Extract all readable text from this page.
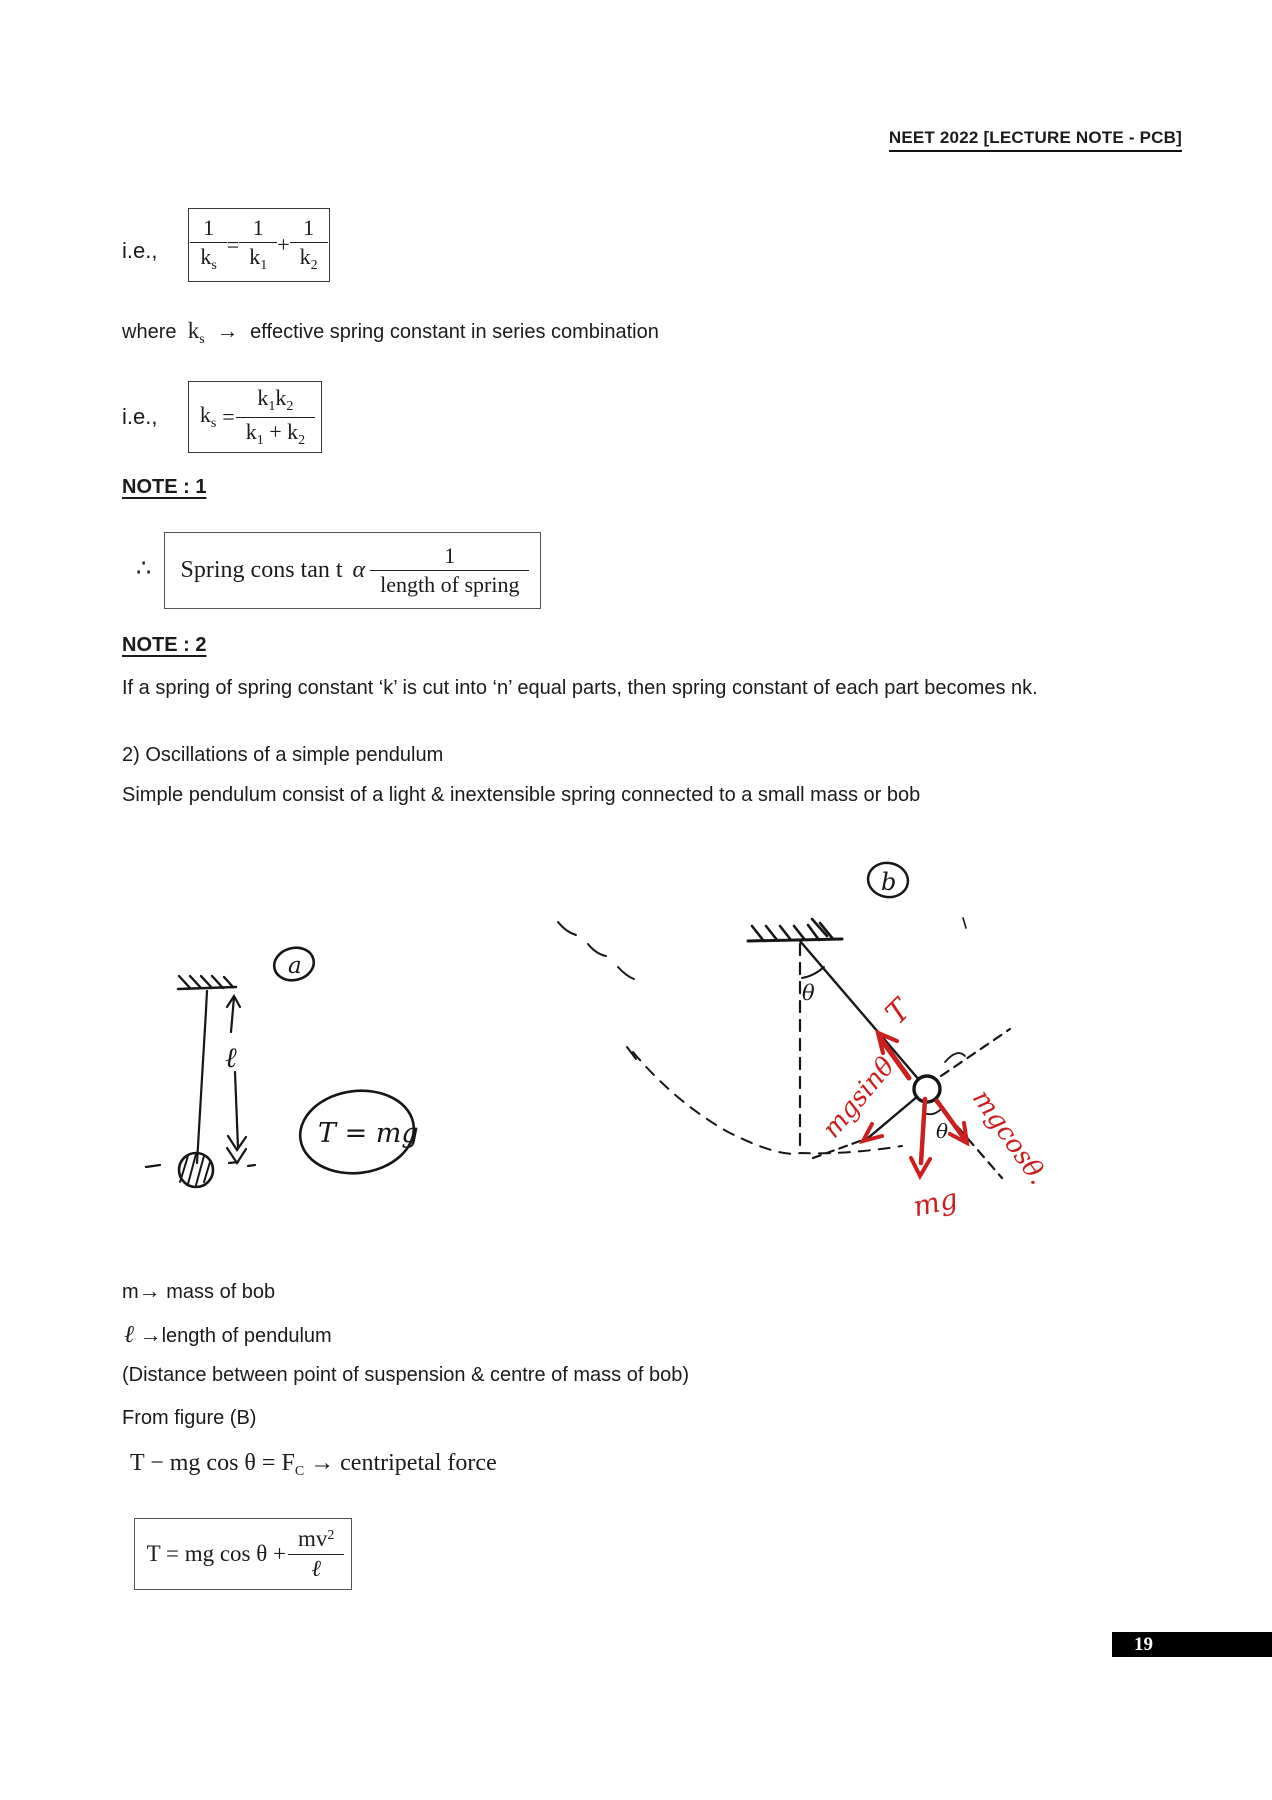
NEET 2022 [LECTURE NOTE - PCB]
i.e., $\frac{1}{k_s} = \frac{1}{k_1} + \frac{1}{k_2}$
where $k_s$ → effective spring constant in series combination
i.e., $k_s = \frac{k_1k_2}{k_1 + k_2}$
NOTE : 1
∴ Spring cons tan t α $\frac{1}{\text{length of spring}}$
NOTE : 2
If a spring of spring constant ‘k’ is cut into ‘n’ equal parts, then spring constant of each part becomes nk.
2) Oscillations of a simple pendulum
Simple pendulum consist of a light & inextensible spring connected to a small mass or bob
a
ℓ
T = mg
b
θ
θ
T
mgsinθ
mg
mgcosθ.
m→ mass of bob
ℓ →length of pendulum
(Distance between point of suspension & centre of mass of bob)
From figure (B)
T − mg $\cos \theta = F_C$ → centripetal force
T = mg $\cos \theta + \frac{mv^2}{\text{ℓ}}$
19
